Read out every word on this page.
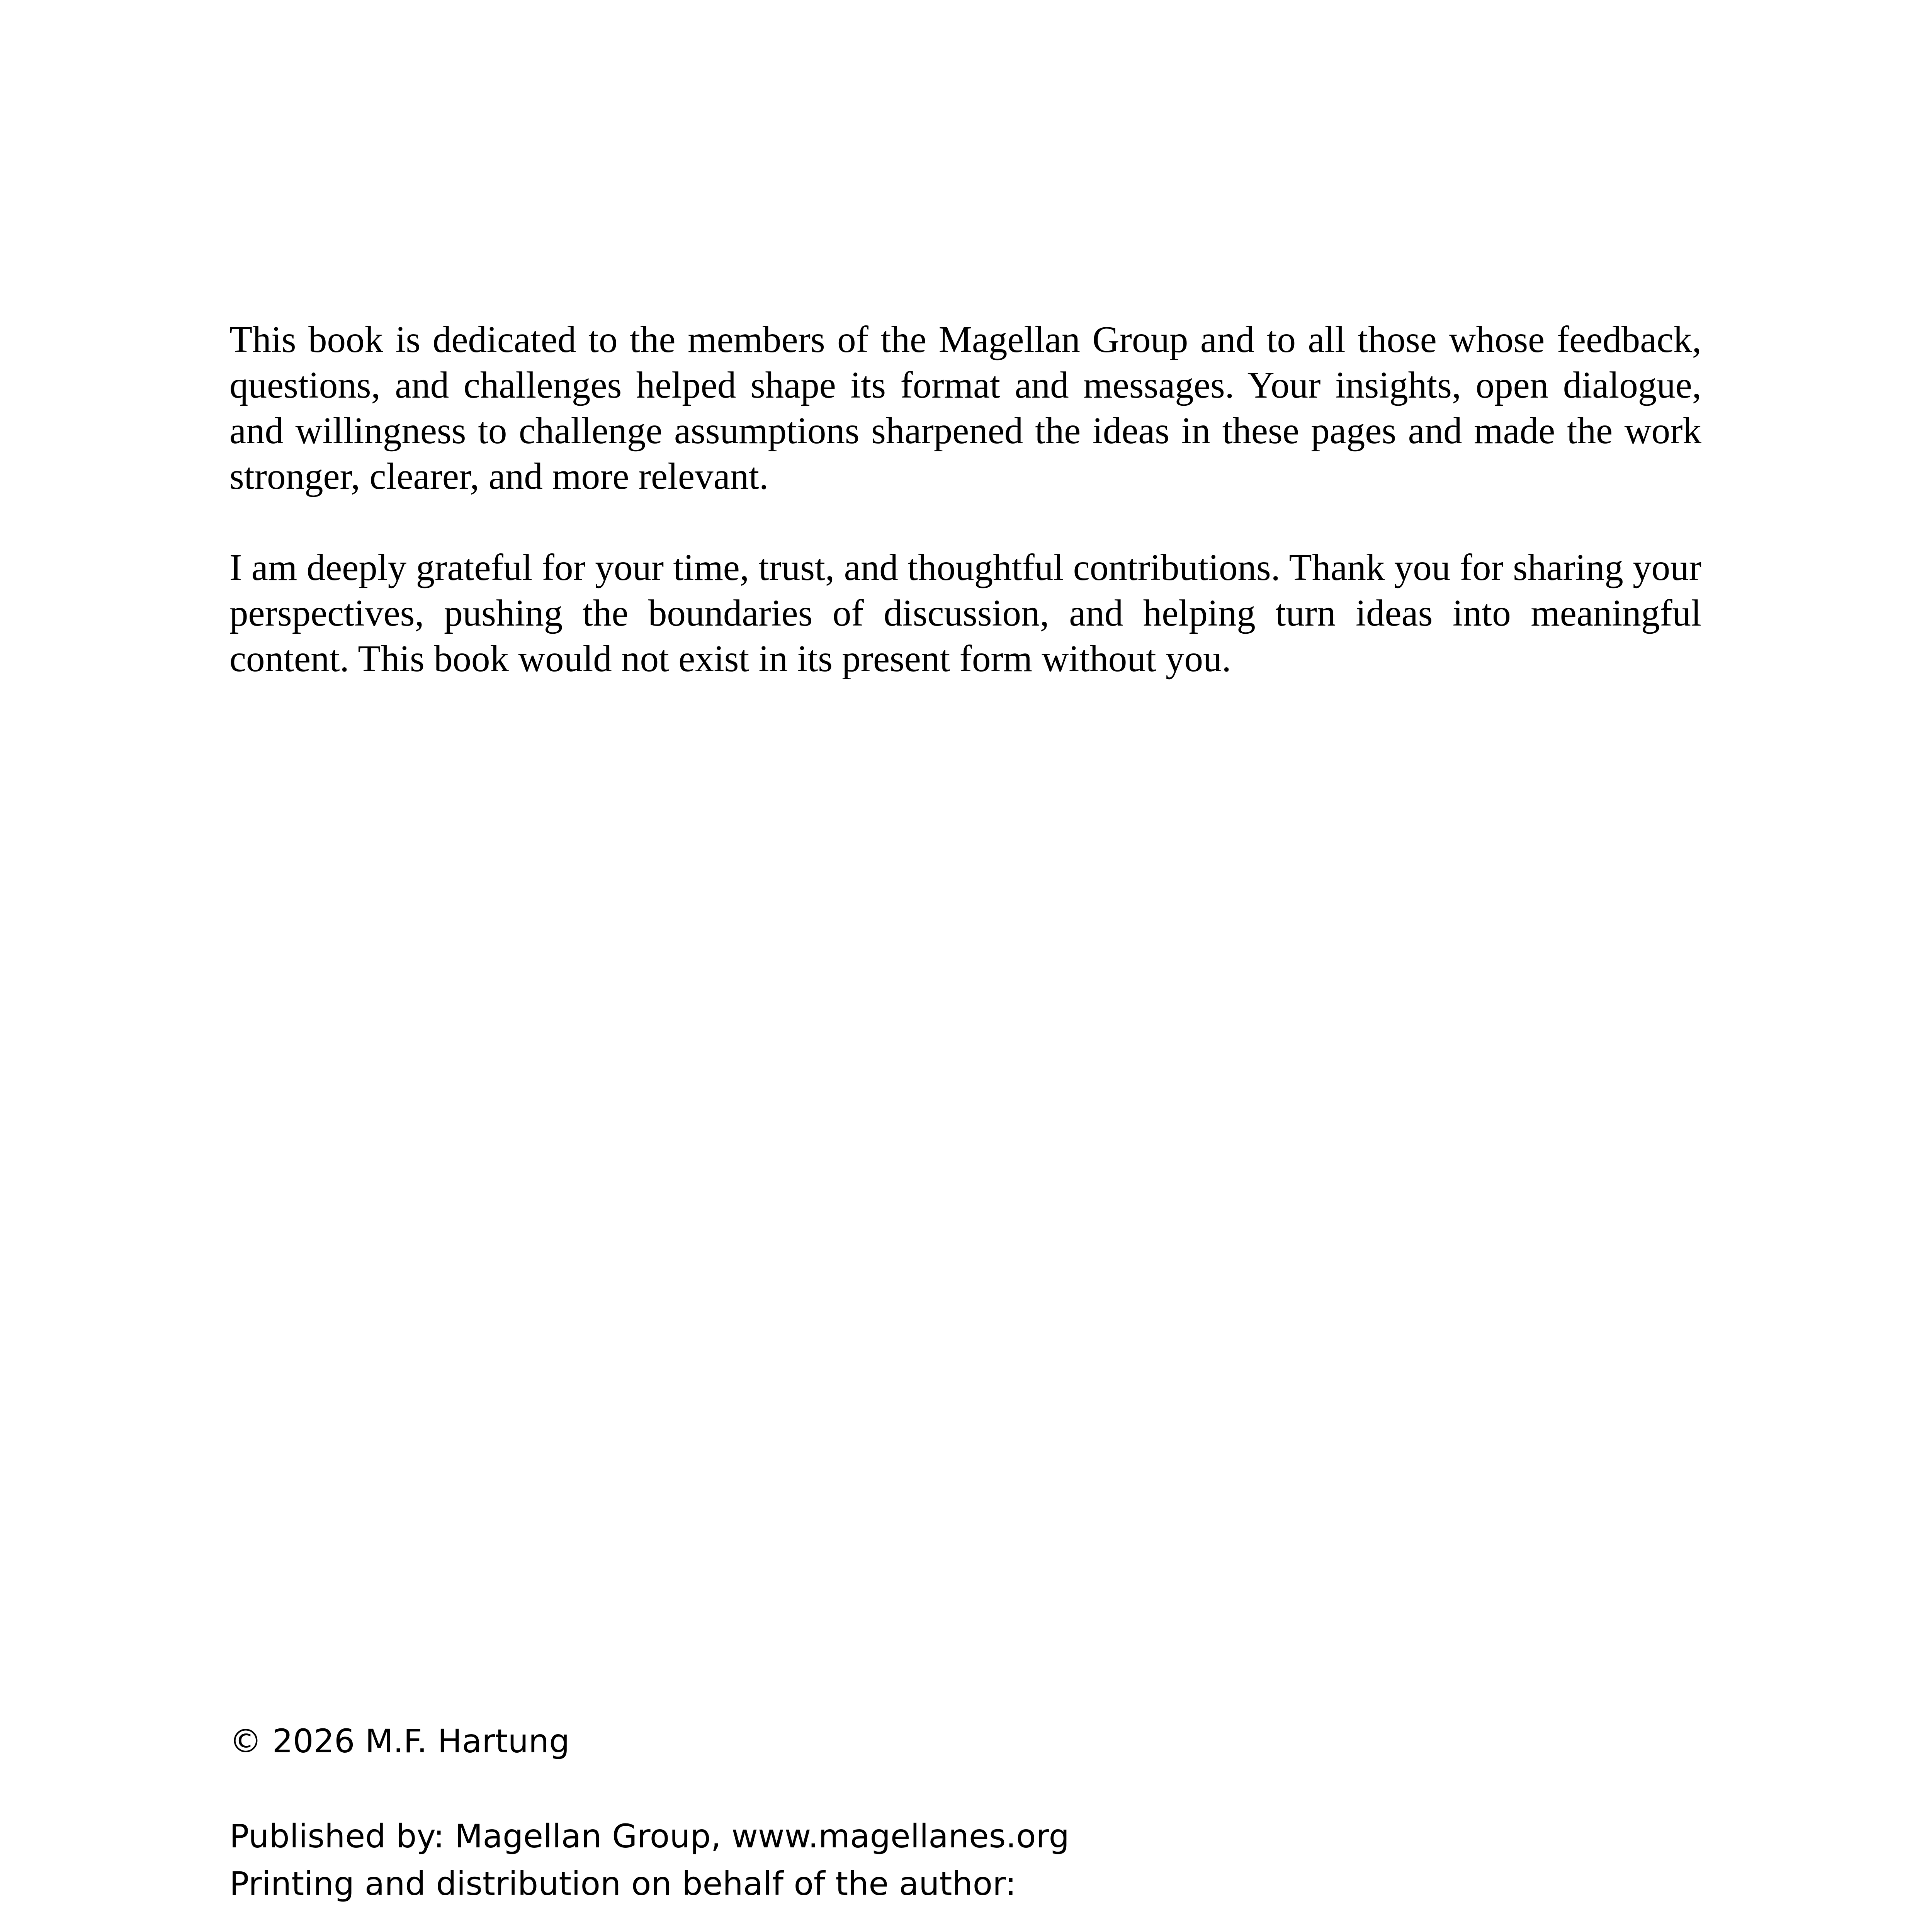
This book is dedicated to the members of the Magellan Group and to all those whose feedback, questions, and challenges helped shape its format and messages. Your insights, open dialogue, and willingness to challenge assumptions sharpened the ideas in these pages and made the work stronger, clearer, and more relevant.

I am deeply grateful for your time, trust, and thoughtful contributions. Thank you for sharing your perspectives, pushing the boundaries of discussion, and helping turn ideas into meaningful content. This book would not exist in its present form without you.

© 2026 M.F. Hartung
Published by: Magellan Group, www.magellanes.org
Printing and distribution on behalf of the author:
